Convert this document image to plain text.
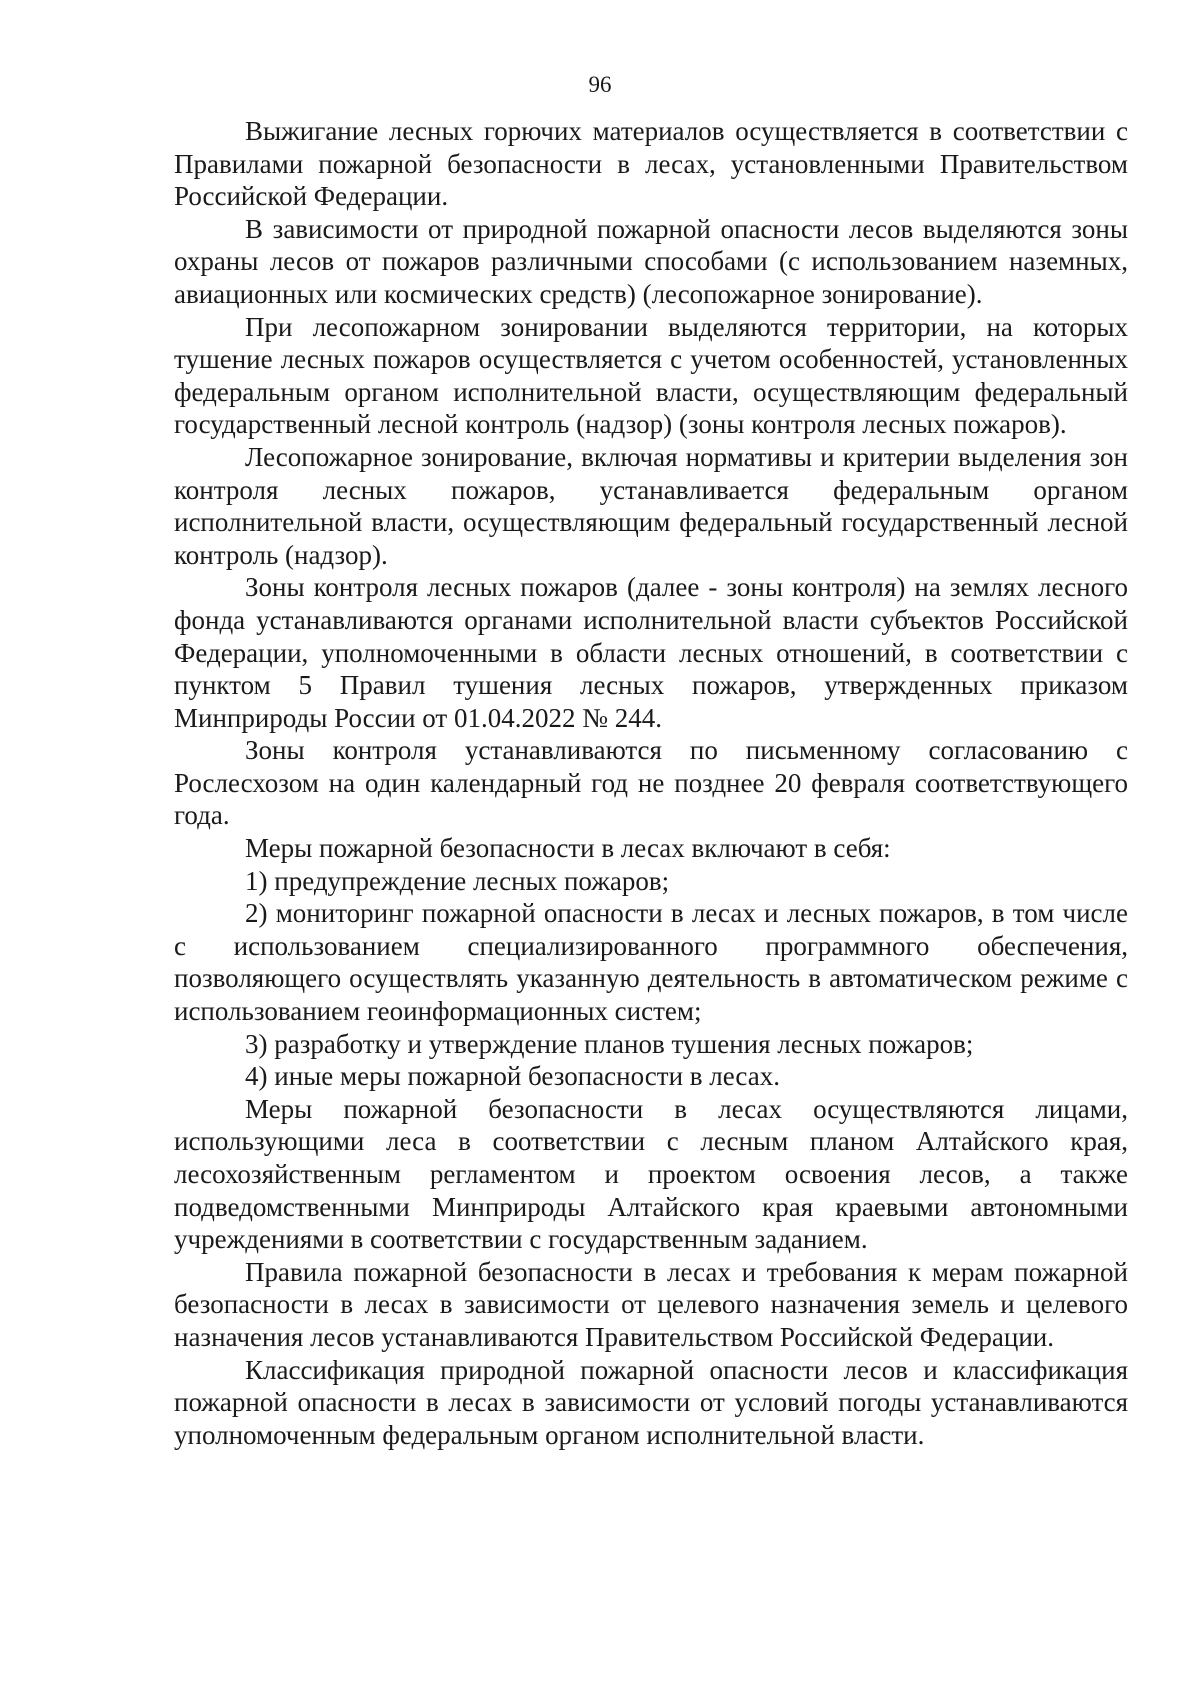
96

Выжигание лесных горючих материалов осуществляется в соответствии с Правилами пожарной безопасности в лесах, установленными Правительством Российской Федерации.

В зависимости от природной пожарной опасности лесов выделяются зоны охраны лесов от пожаров различными способами (с использованием наземных, авиационных или космических средств) (лесопожарное зонирование).

При лесопожарном зонировании выделяются территории, на которых тушение лесных пожаров осуществляется с учетом особенностей, установленных федеральным органом исполнительной власти, осуществляющим федеральный государственный лесной контроль (надзор) (зоны контроля лесных пожаров).

Лесопожарное зонирование, включая нормативы и критерии выделения зон контроля лесных пожаров, устанавливается федеральным органом исполнительной власти, осуществляющим федеральный государственный лесной контроль (надзор).

Зоны контроля лесных пожаров (далее - зоны контроля) на землях лесного фонда устанавливаются органами исполнительной власти субъектов Российской Федерации, уполномоченными в области лесных отношений, в соответствии с пунктом 5 Правил тушения лесных пожаров, утвержденных приказом Минприроды России от 01.04.2022 № 244.

Зоны контроля устанавливаются по письменному согласованию с Рослесхозом на один календарный год не позднее 20 февраля соответствующего года.

Меры пожарной безопасности в лесах включают в себя:

1) предупреждение лесных пожаров;

2) мониторинг пожарной опасности в лесах и лесных пожаров, в том числе с использованием специализированного программного обеспечения, позволяющего осуществлять указанную деятельность в автоматическом режиме с использованием геоинформационных систем;

3) разработку и утверждение планов тушения лесных пожаров;

4) иные меры пожарной безопасности в лесах.

Меры пожарной безопасности в лесах осуществляются лицами, использующими леса в соответствии с лесным планом Алтайского края, лесохозяйственным регламентом и проектом освоения лесов, а также подведомственными Минприроды Алтайского края краевыми автономными учреждениями в соответствии с государственным заданием.

Правила пожарной безопасности в лесах и требования к мерам пожарной безопасности в лесах в зависимости от целевого назначения земель и целевого назначения лесов устанавливаются Правительством Российской Федерации.

Классификация природной пожарной опасности лесов и классификация пожарной опасности в лесах в зависимости от условий погоды устанавливаются уполномоченным федеральным органом исполнительной власти.
